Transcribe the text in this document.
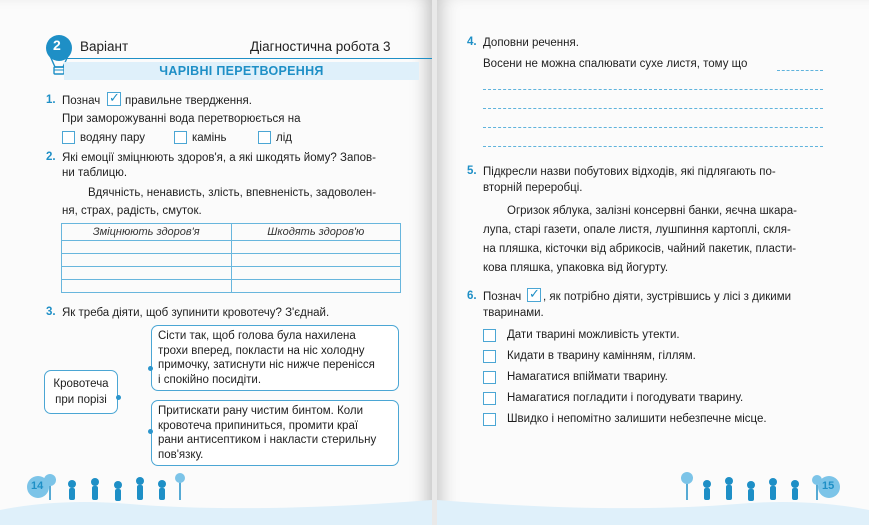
2 Варіант	Діагностична робота 3
ЧАРІВНІ ПЕРЕТВОРЕННЯ
1. Познач ✓ правильне твердження.
При заморожуванні вода перетворюється на
водяну пару	камінь	лід
2. Які емоції зміцнюють здоров'я, а які шкодять йому? Запов-
ни таблицю.
Вдячність, ненависть, злість, впевненість, задоволен-
ня, страх, радість, смуток.
Зміцнюють здоров'я	Шкодять здоров'ю

3. Як треба діяти, щоб зупинити кровотечу? З'єднай.
Кровотеча
при порізі
Сісти так, щоб голова була нахилена
трохи вперед, покласти на ніс холодну
примочку, затиснути ніс нижче перенісся
і спокійно посидіти.
Притискати рану чистим бинтом. Коли
кровотеча припиниться, промити краї
рани антисептиком і накласти стерильну
пов'язку.
14
4. Доповни речення.
Восени не можна спалювати сухе листя, тому що
5. Підкресли назви побутових відходів, які підлягають по-
вторній переробці.
Огризок яблука, залізні консервні банки, яєчна шкара-
лупа, старі газети, опале листя, лушпиння картоплі, скля-
на пляшка, кісточки від абрикосів, чайний пакетик, пласти-
кова пляшка, упаковка від йогурту.
6. Познач ✓ , як потрібно діяти, зустрівшись у лісі з дикими
тваринами.
Дати тварині можливість утекти.
Кидати в тварину камінням, гіллям.
Намагатися впіймати тварину.
Намагатися погладити і погодувати тварину.
Швидко і непомітно залишити небезпечне місце.
15
